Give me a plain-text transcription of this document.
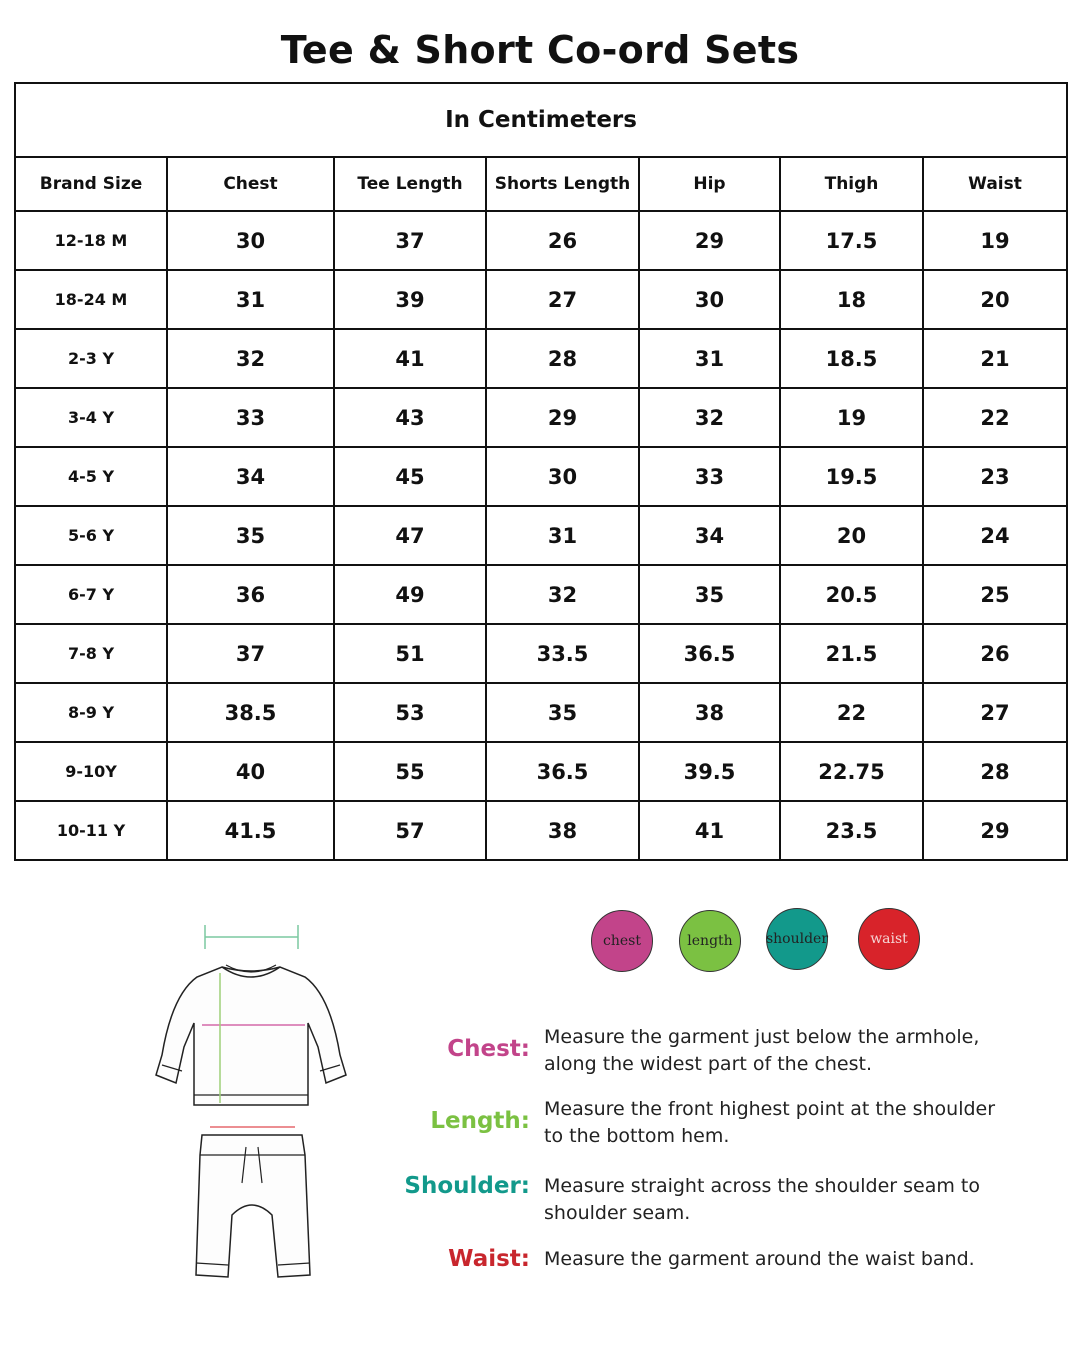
Tee & Short Co-ord Sets
In Centimeters						
Brand Size	Chest	Tee Length	Shorts Length	Hip	Thigh	Waist
12-18 M	30	37	26	29	17.5	19
18-24 M	31	39	27	30	18	20
2-3 Y	32	41	28	31	18.5	21
3-4 Y	33	43	29	32	19	22
4-5 Y	34	45	30	33	19.5	23
5-6 Y	35	47	31	34	20	24
6-7 Y	36	49	32	35	20.5	25
7-8 Y	37	51	33.5	36.5	21.5	26
8-9 Y	38.5	53	35	38	22	27
9-10Y	40	55	36.5	39.5	22.75	28
10-11 Y	41.5	57	38	41	23.5	29
chest	length	shoulder	waist
Chest: Measure the garment just below the armhole, along the widest part of the chest.
Length: Measure the front highest point at the shoulder to the bottom hem.
Shoulder: Measure straight across the shoulder seam to shoulder seam.
Waist: Measure the garment around the waist band.
